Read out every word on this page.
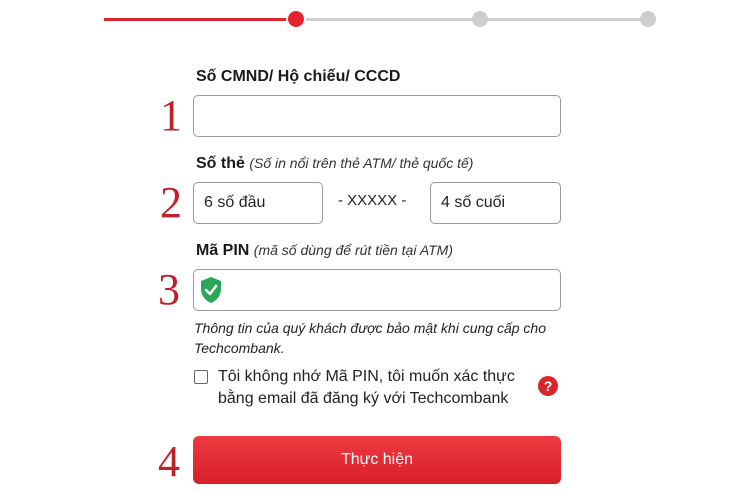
1
Số CMND/ Hộ chiếu/ CCCD
2
Số thẻ (Số in nổi trên thẻ ATM/ thẻ quốc tế)
6 số đầu
- XXXXX -
4 số cuối
3
Mã PIN (mã số dùng để rút tiền tại ATM)
Thông tin của quý khách được bảo mật khi cung cấp cho Techcombank.
Tôi không nhớ Mã PIN, tôi muốn xác thực bằng email đã đăng ký với Techcombank
?
4	Thực hiện
